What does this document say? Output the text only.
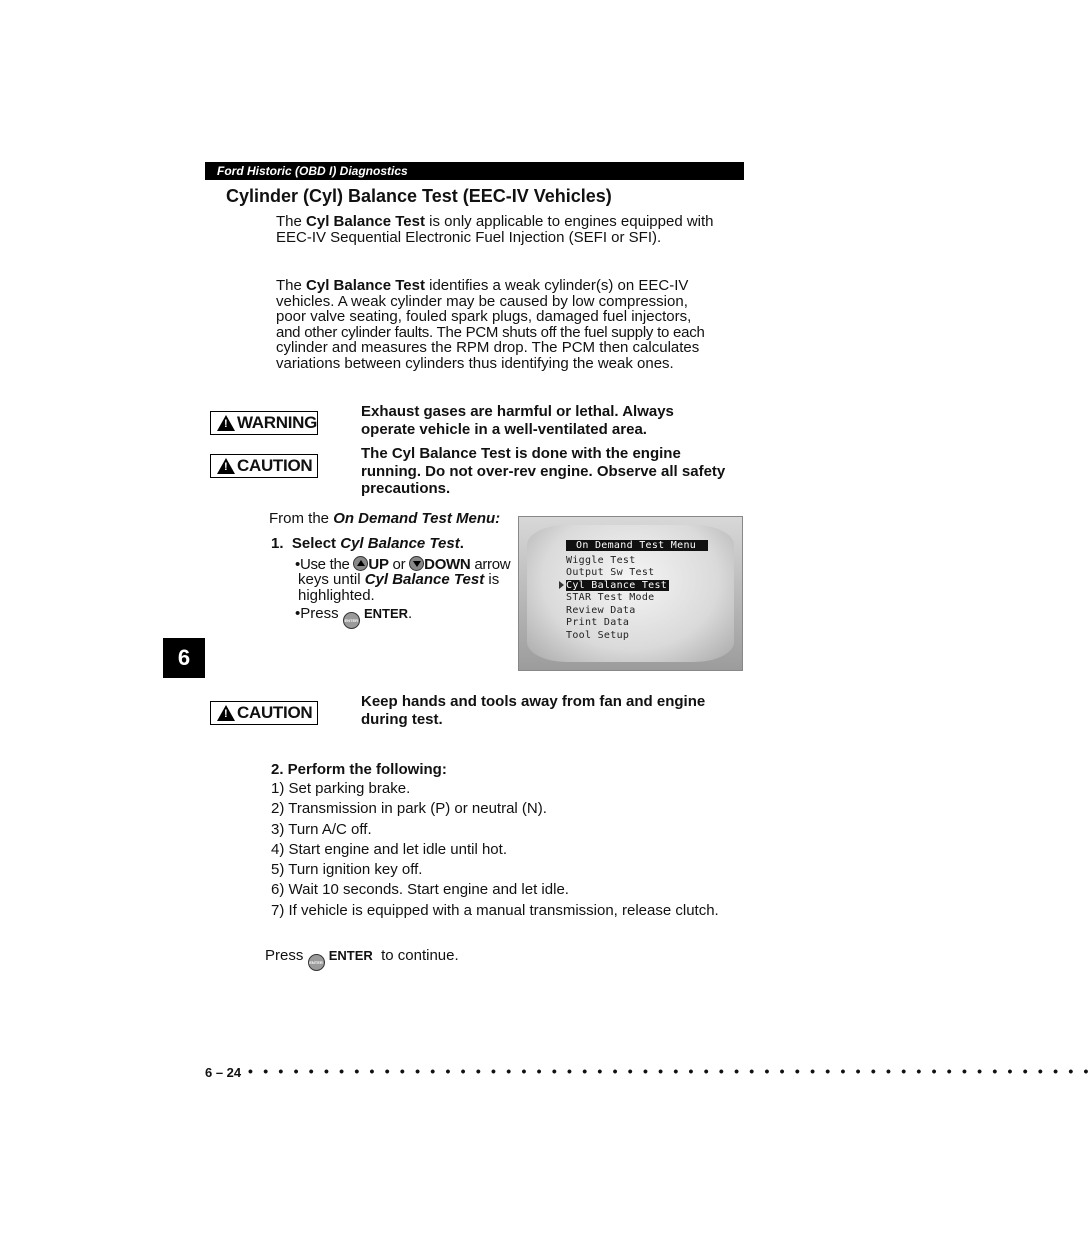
Ford Historic (OBD I) Diagnostics
Cylinder (Cyl) Balance Test (EEC-IV Vehicles)
The Cyl Balance Test is only applicable to engines equipped with
EEC-IV Sequential Electronic Fuel Injection (SEFI or SFI).
The Cyl Balance Test identifies a weak cylinder(s) on EEC-IV
vehicles. A weak cylinder may be caused by low compression,
poor valve seating, fouled spark plugs, damaged fuel injectors,
and other cylinder faults. The PCM shuts off the fuel supply to each
cylinder and measures the RPM drop. The PCM then calculates
variations between cylinders thus identifying the weak ones.
! WARNING
Exhaust gases are harmful or lethal. Always
operate vehicle in a well-ventilated area.
! CAUTION
The Cyl Balance Test is done with the engine
running. Do not over-rev engine. Observe all safety
precautions.
From the On Demand Test Menu:
1. Select Cyl Balance Test.
•Use the UP or DOWN arrow
keys until Cyl Balance Test is
highlighted.
•Press ENTER ENTER.
On Demand Test Menu
Wiggle Test
Output Sw Test
Cyl Balance Test
STAR Test Mode
Review Data
Print Data
Tool Setup
6
! CAUTION
Keep hands and tools away from fan and engine
during test.
2. Perform the following:
1) Set parking brake.
2) Transmission in park (P) or neutral (N).
3) Turn A/C off.
4) Start engine and let idle until hot.
5) Turn ignition key off.
6) Wait 10 seconds. Start engine and let idle.
7) If vehicle is equipped with a manual transmission, release clutch.
Press ENTER ENTER  to continue.
6 – 24 • • • • • • • • • • • • • • • • • • • • • • • • • • • • • • • • • • • • • • • • • • • • • • • • • • • • • • • •
